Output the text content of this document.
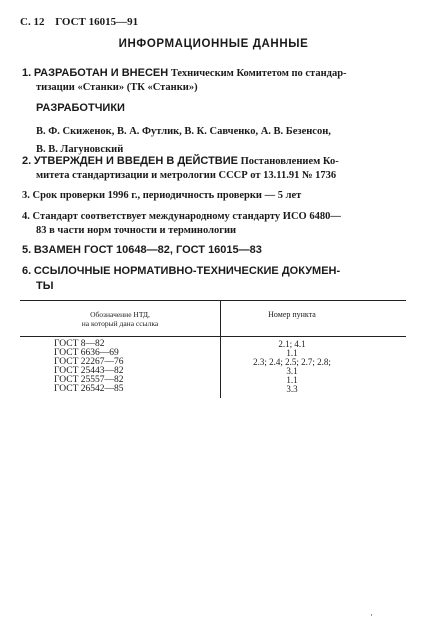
С. 12 ГОСТ 16015—91
ИНФОРМАЦИОННЫЕ ДАННЫЕ
1. РАЗРАБОТАН И ВНЕСЕН Техническим Комитетом по стандар-
тизации «Станки» (ТК «Станки»)
РАЗРАБОТЧИКИ
В. Ф. Скиженок, В. А. Футлик, В. К. Савченко, А. В. Безенсон,
В. В. Лагуновский
2. УТВЕРЖДЕН И ВВЕДЕН В ДЕЙСТВИЕ Постановлением Ко-
митета стандартизации и метрологии СССР от 13.11.91 № 1736
3. Срок проверки 1996 г., периодичность проверки — 5 лет
4. Стандарт соответствует международному стандарту ИСО 6480—
83 в части норм точности и терминологии
5. ВЗАМЕН ГОСТ 10648—82, ГОСТ 16015—83
6. ССЫЛОЧНЫЕ НОРМАТИВНО-ТЕХНИЧЕСКИЕ ДОКУМЕН-
ТЫ
Обозначение НТД,
на который дана ссылка
Номер пункта
ГОСТ 8—82	2.1; 4.1
ГОСТ 6636—69	1.1
ГОСТ 22267—76	2.3; 2.4; 2.5; 2.7; 2.8;
ГОСТ 25443—82	3.1
ГОСТ 25557—82	1.1
ГОСТ 26542—85	3.3
·
